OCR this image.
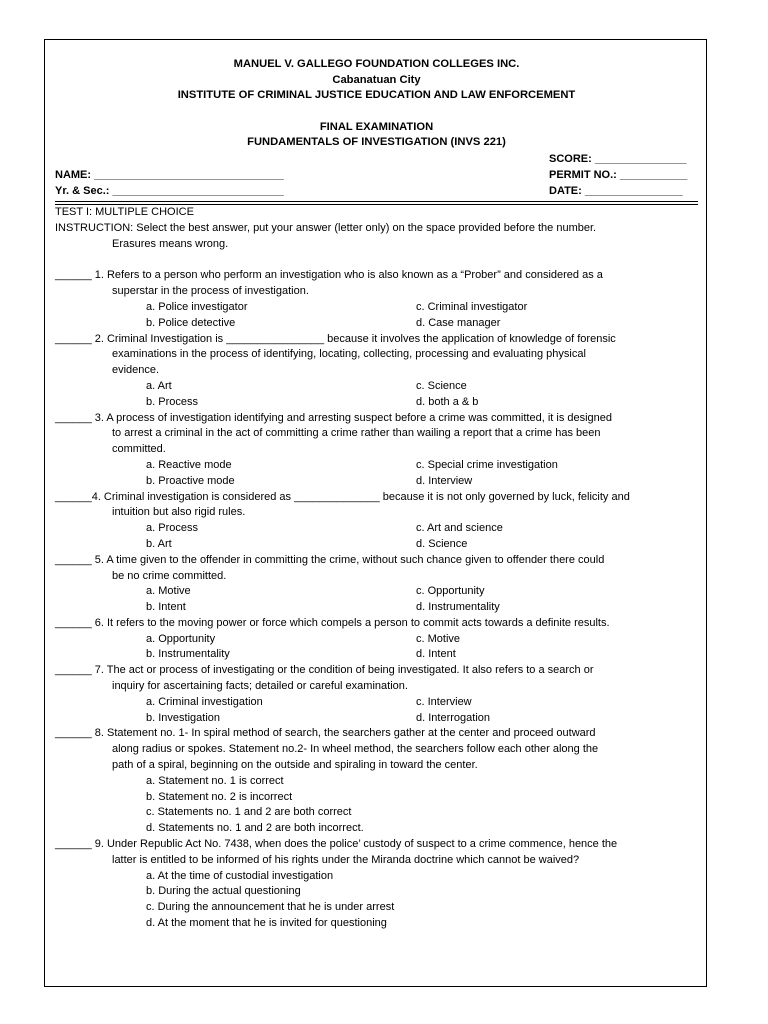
MANUEL V. GALLEGO FOUNDATION COLLEGES INC.
Cabanatuan City
INSTITUTE OF CRIMINAL JUSTICE EDUCATION AND LAW ENFORCEMENT
FINAL EXAMINATION
FUNDAMENTALS OF INVESTIGATION (INVS 221)
SCORE: _______________
NAME: _______________________________	PERMIT NO.: ___________
Yr. & Sec.: ____________________________	DATE: ________________
TEST I: MULTIPLE CHOICE
INSTRUCTION: Select the best answer, put your answer (letter only) on the space provided before the number.
Erasures means wrong.
______ 1. Refers to a person who perform an investigation who is also known as a “Prober” and considered as a
superstar in the process of investigation.
a. Police investigator	c. Criminal investigator
b. Police detective	d. Case manager
______ 2. Criminal Investigation is ________________ because it involves the application of knowledge of forensic
examinations in the process of identifying, locating, collecting, processing and evaluating physical
evidence.
a. Art	c. Science
b. Process	d. both a & b
______ 3. A process of investigation identifying and arresting suspect before a crime was committed, it is designed
to arrest a criminal in the act of committing a crime rather than wailing a report that a crime has been
committed.
a. Reactive mode	c. Special crime investigation
b. Proactive mode	d. Interview
______4. Criminal investigation is considered as ______________ because it is not only governed by luck, felicity and
intuition but also rigid rules.
a. Process	c. Art and science
b. Art	d. Science
______ 5. A time given to the offender in committing the crime, without such chance given to offender there could
be no crime committed.
a. Motive	c. Opportunity
b. Intent	d. Instrumentality
______ 6. It refers to the moving power or force which compels a person to commit acts towards a definite results.
a. Opportunity	c. Motive
b. Instrumentality	d. Intent
______ 7. The act or process of investigating or the condition of being investigated. It also refers to a search or
inquiry for ascertaining facts; detailed or careful examination.
a. Criminal investigation	c. Interview
b. Investigation	d. Interrogation
______ 8. Statement no. 1- In spiral method of search, the searchers gather at the center and proceed outward
along radius or spokes. Statement no.2- In wheel method, the searchers follow each other along the
path of a spiral, beginning on the outside and spiraling in toward the center.
a. Statement no. 1 is correct
b. Statement no. 2 is incorrect
c. Statements no. 1 and 2 are both correct
d. Statements no. 1 and 2 are both incorrect.
______ 9. Under Republic Act No. 7438, when does the police’ custody of suspect to a crime commence, hence the
latter is entitled to be informed of his rights under the Miranda doctrine which cannot be waived?
a. At the time of custodial investigation
b. During the actual questioning
c. During the announcement that he is under arrest
d. At the moment that he is invited for questioning
